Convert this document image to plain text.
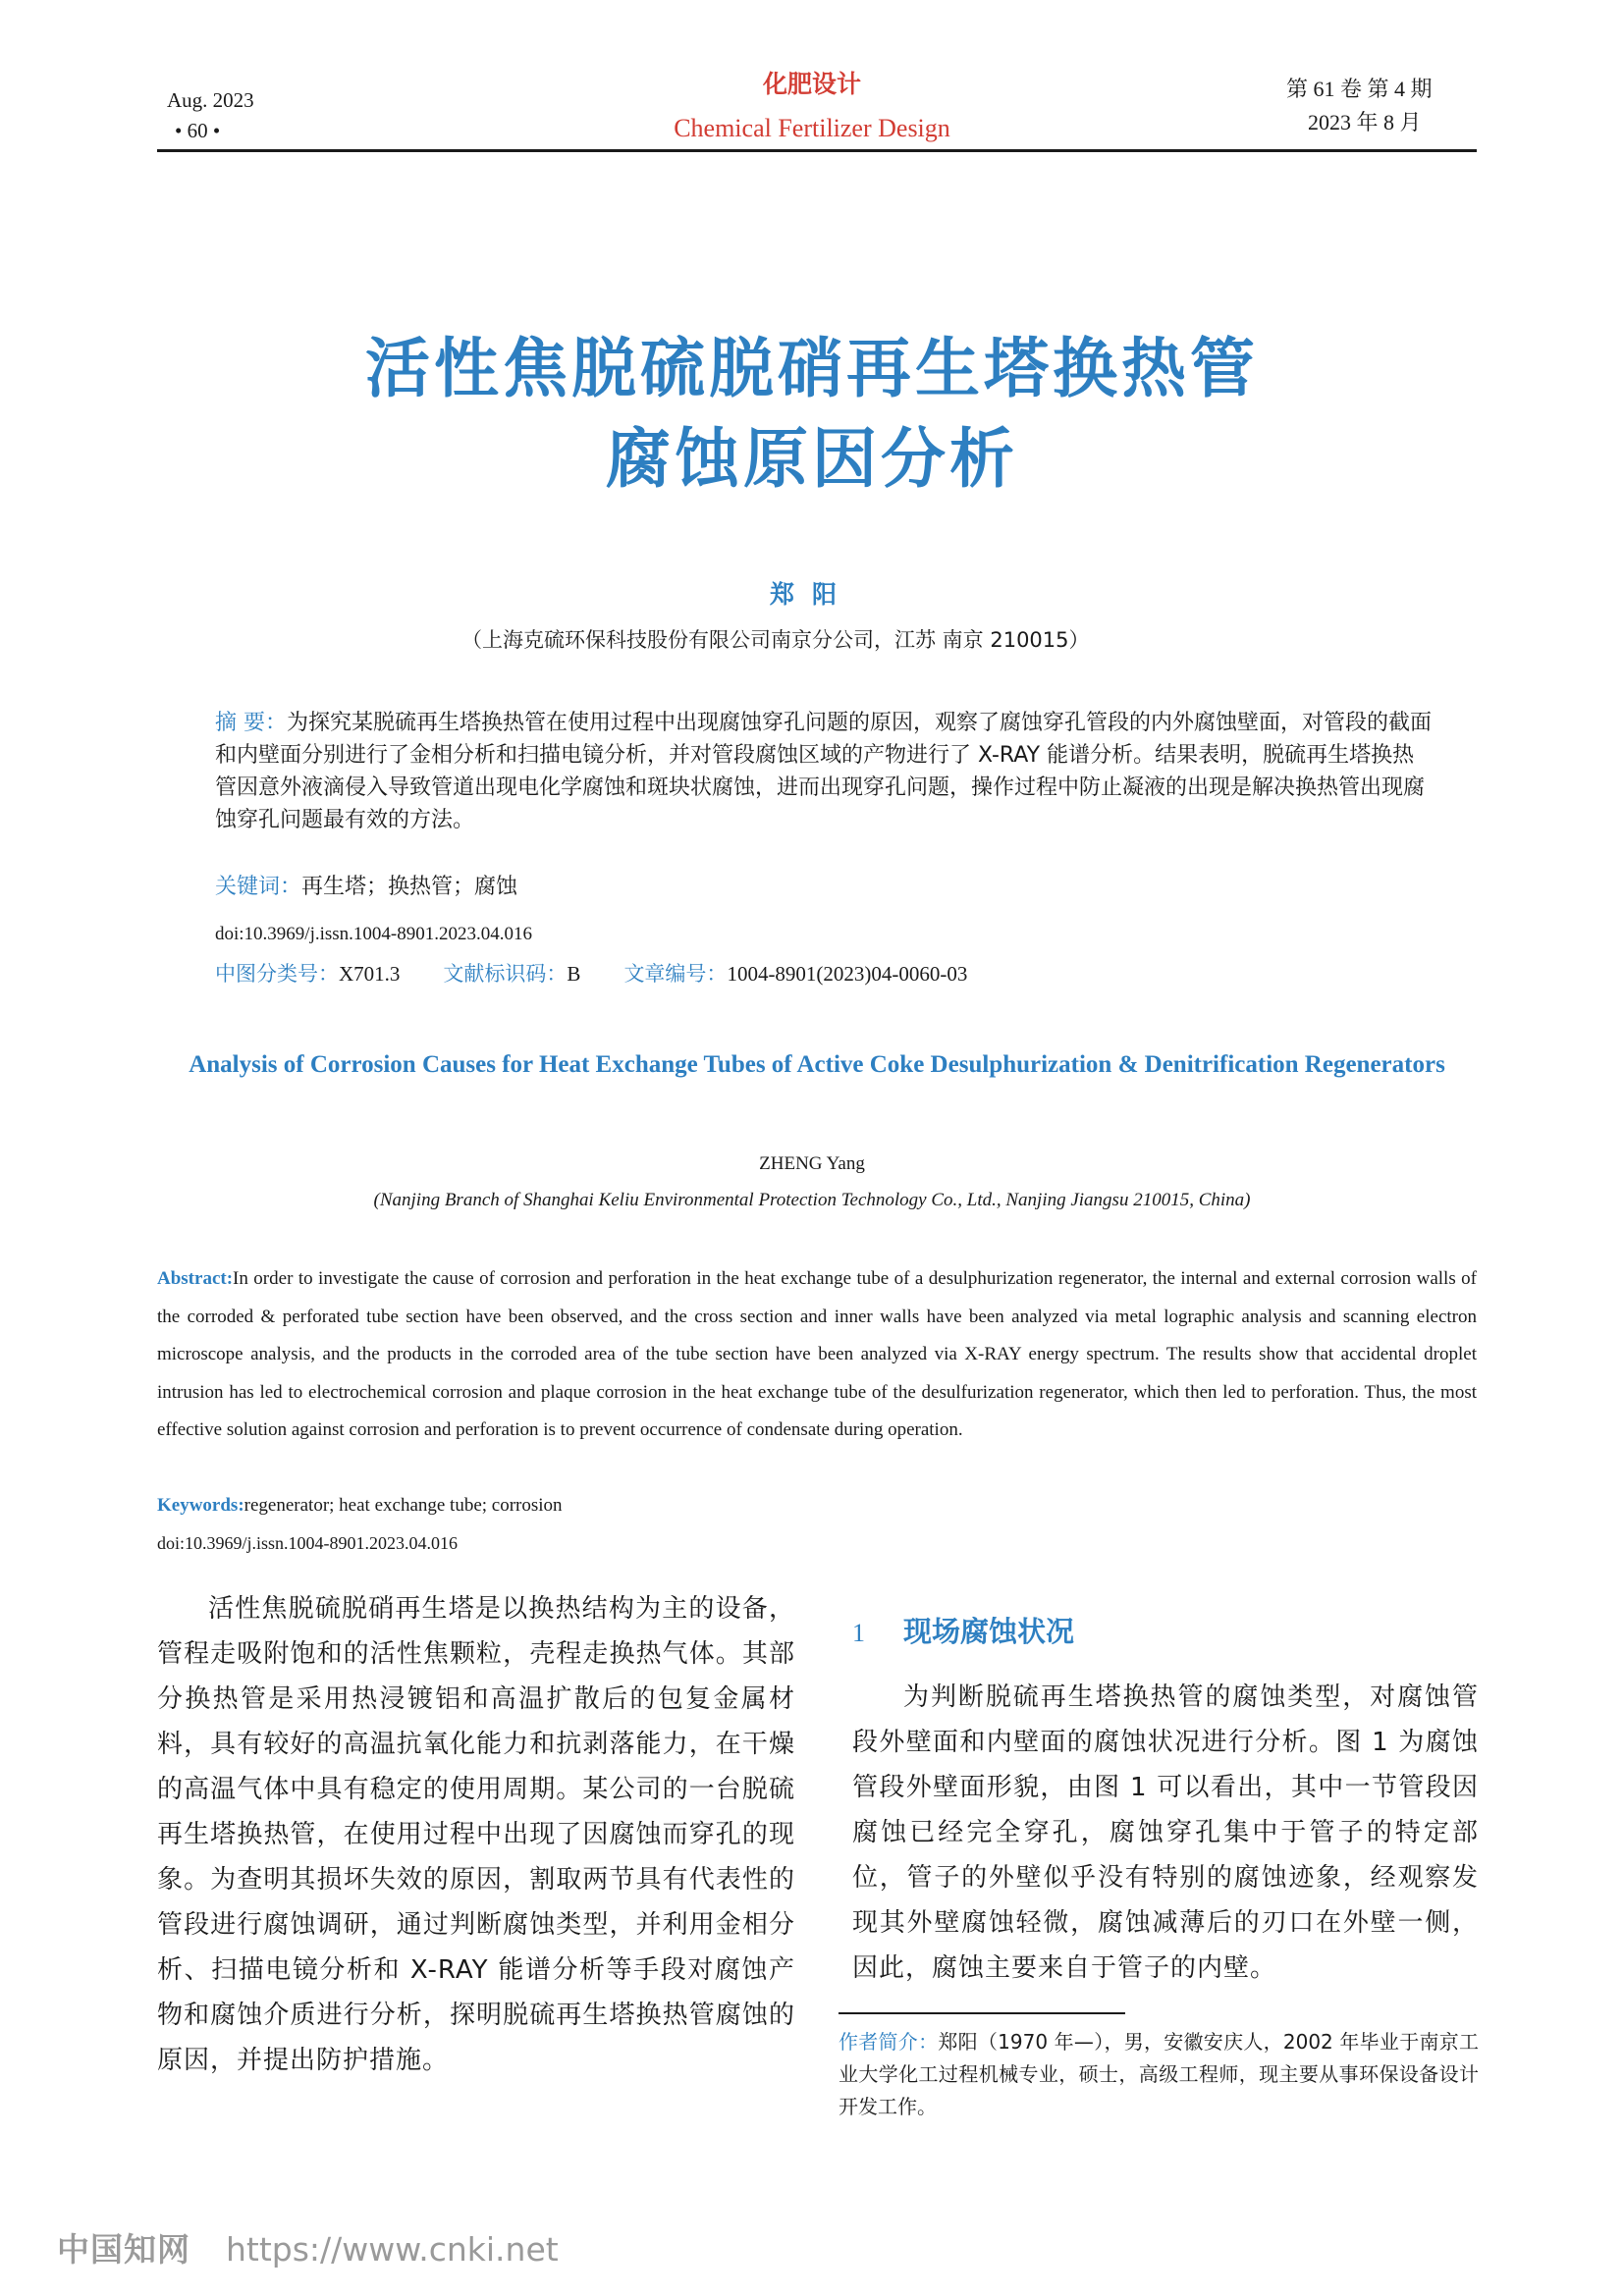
Aug. 2023
• 60 •
化肥设计
Chemical Fertilizer Design
第 61 卷 第 4 期
2023 年 8 月
活性焦脱硫脱硝再生塔换热管
腐蚀原因分析
郑阳
（上海克硫环保科技股份有限公司南京分公司，江苏 南京 210015）
摘 要：为探究某脱硫再生塔换热管在使用过程中出现腐蚀穿孔问题的原因，观察了腐蚀穿孔管段的内外腐蚀壁面，对管段的截面和内壁面分别进行了金相分析和扫描电镜分析，并对管段腐蚀区域的产物进行了 X-RAY 能谱分析。结果表明，脱硫再生塔换热管因意外液滴侵入导致管道出现电化学腐蚀和斑块状腐蚀，进而出现穿孔问题，操作过程中防止凝液的出现是解决换热管出现腐蚀穿孔问题最有效的方法。
关键词：再生塔；换热管；腐蚀
doi:10.3969/j.issn.1004-8901.2023.04.016
中图分类号：X701.3 文献标识码：B 文章编号：1004-8901(2023)04-0060-03
Analysis of Corrosion Causes for Heat Exchange Tubes of Active Coke Desulphurization & Denitrification Regenerators
ZHENG Yang
(Nanjing Branch of Shanghai Keliu Environmental Protection Technology Co., Ltd., Nanjing Jiangsu 210015, China)
Abstract:In order to investigate the cause of corrosion and perforation in the heat exchange tube of a desulphurization regenerator, the internal and external corrosion walls of the corroded & perforated tube section have been observed, and the cross section and inner walls have been analyzed via metal lographic analysis and scanning electron microscope analysis, and the products in the corroded area of the tube section have been analyzed via X-RAY energy spectrum. The results show that accidental droplet intrusion has led to electrochemical corrosion and plaque corrosion in the heat exchange tube of the desulfurization regenerator, which then led to perforation. Thus, the most effective solution against corrosion and perforation is to prevent occurrence of condensate during operation.
Keywords:regenerator; heat exchange tube; corrosion
doi:10.3969/j.issn.1004-8901.2023.04.016

活性焦脱硫脱硝再生塔是以换热结构为主的设备，管程走吸附饱和的活性焦颗粒，壳程走换热气体。其部分换热管是采用热浸镀铝和高温扩散后的包复金属材料，具有较好的高温抗氧化能力和抗剥落能力，在干燥的高温气体中具有稳定的使用周期。某公司的一台脱硫再生塔换热管，在使用过程中出现了因腐蚀而穿孔的现象。为查明其损坏失效的原因，割取两节具有代表性的管段进行腐蚀调研，通过判断腐蚀类型，并利用金相分析、扫描电镜分析和 X-RAY 能谱分析等手段对腐蚀产物和腐蚀介质进行分析，探明脱硫再生塔换热管腐蚀的原因，并提出防护措施。

1 现场腐蚀状况

为判断脱硫再生塔换热管的腐蚀类型，对腐蚀管段外壁面和内壁面的腐蚀状况进行分析。图 1 为腐蚀管段外壁面形貌，由图 1 可以看出，其中一节管段因腐蚀已经完全穿孔，腐蚀穿孔集中于管子的特定部位，管子的外壁似乎没有特别的腐蚀迹象，经观察发现其外壁腐蚀轻微，腐蚀减薄后的刃口在外壁一侧，因此，腐蚀主要来自于管子的内壁。

作者简介：郑阳（1970 年—），男，安徽安庆人，2002 年毕业于南京工业大学化工过程机械专业，硕士，高级工程师，现主要从事环保设备设计开发工作。
中国知网 https://www.cnki.net
